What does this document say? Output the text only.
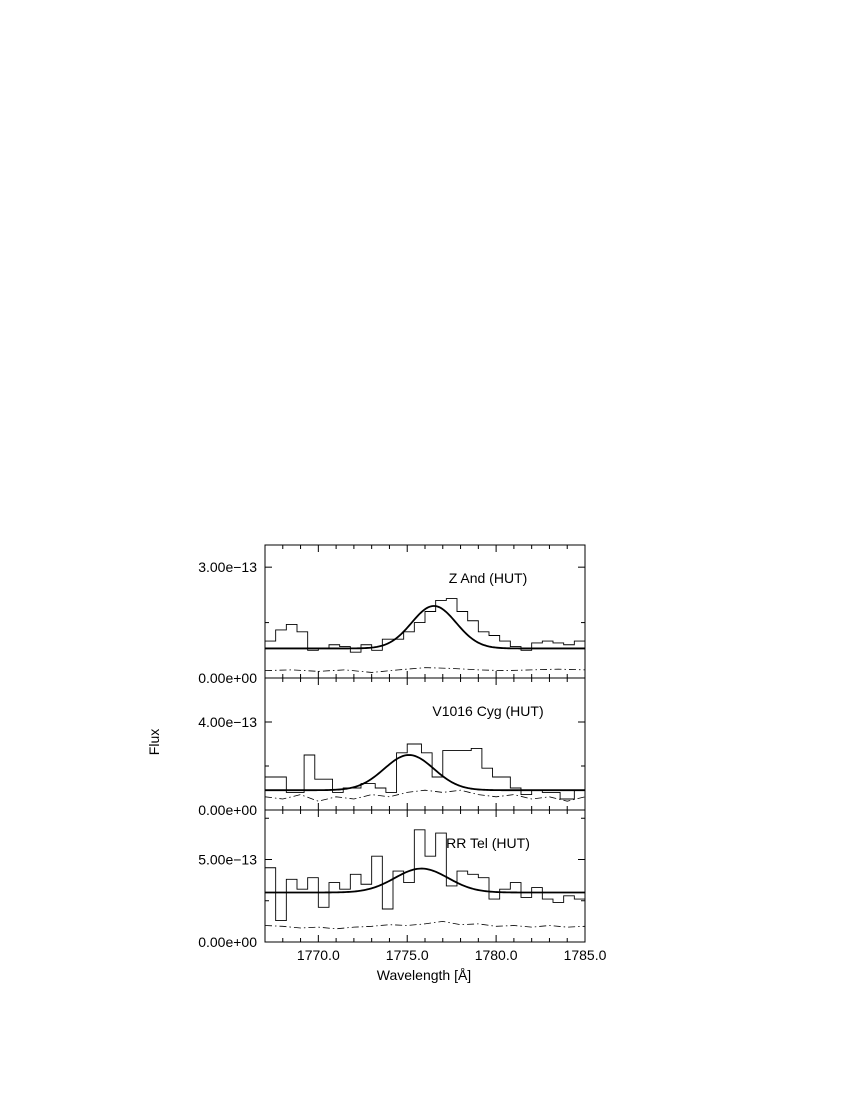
0.00e+00
3.00e−13
Z And (HUT)
0.00e+00
4.00e−13
V1016 Cyg (HUT)
0.00e+00
5.00e−13
1770.0	1775.0	1780.0	1785.0
RR Tel (HUT)
Flux
Wavelength [Å]
